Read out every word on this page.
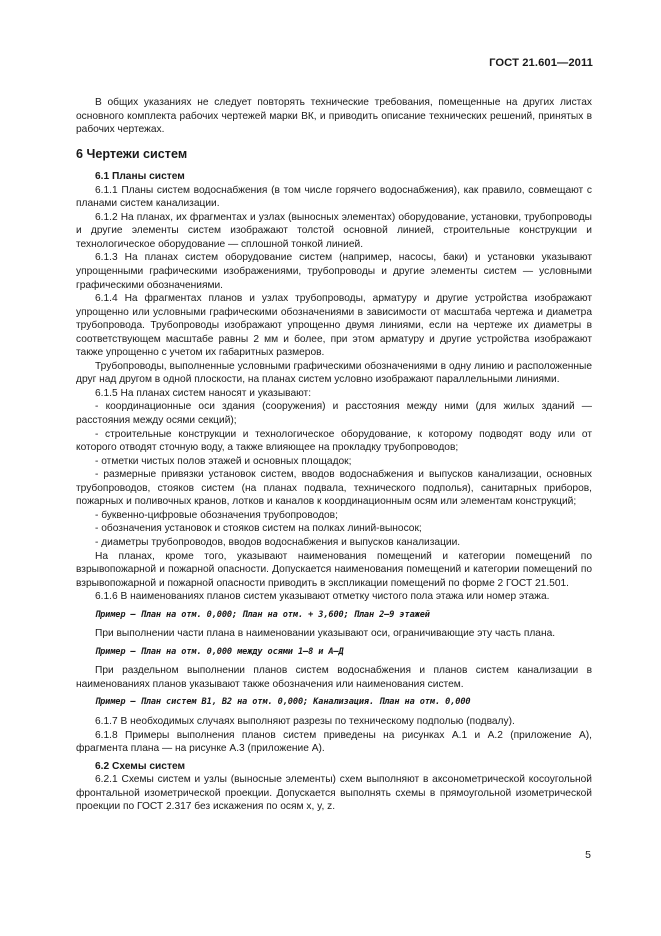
ГОСТ 21.601—2011

В общих указаниях не следует повторять технические требования, помещенные на других листах основного комплекта рабочих чертежей марки ВК, и приводить описание технических решений, принятых в рабочих чертежах.

6 Чертежи систем

6.1 Планы систем

6.1.1 Планы систем водоснабжения (в том числе горячего водоснабжения), как правило, совмещают с планами систем канализации.

6.1.2 На планах, их фрагментах и узлах (выносных элементах) оборудование, установки, трубопроводы и другие элементы систем изображают толстой основной линией, строительные конструкции и технологическое оборудование — сплошной тонкой линией.

6.1.3 На планах систем оборудование систем (например, насосы, баки) и установки указывают упрощенными графическими изображениями, трубопроводы и другие элементы систем — условными графическими обозначениями.

6.1.4 На фрагментах планов и узлах трубопроводы, арматуру и другие устройства изображают упрощенно или условными графическими обозначениями в зависимости от масштаба чертежа и диаметра трубопровода. Трубопроводы изображают упрощенно двумя линиями, если на чертеже их диаметры в соответствующем масштабе равны 2 мм и более, при этом арматуру и другие устройства изображают также упрощенно с учетом их габаритных размеров.

Трубопроводы, выполненные условными графическими обозначениями в одну линию и расположенные друг над другом в одной плоскости, на планах систем условно изображают параллельными линиями.

6.1.5 На планах систем наносят и указывают:

- координационные оси здания (сооружения) и расстояния между ними (для жилых зданий — расстояния между осями секций);

- строительные конструкции и технологическое оборудование, к которому подводят воду или от которого отводят сточную воду, а также влияющее на прокладку трубопроводов;

- отметки чистых полов этажей и основных площадок;

- размерные привязки установок систем, вводов водоснабжения и выпусков канализации, основных трубопроводов, стояков систем (на планах подвала, технического подполья), санитарных приборов, пожарных и поливочных кранов, лотков и каналов к координационным осям или элементам конструкций;

- буквенно-цифровые обозначения трубопроводов;

- обозначения установок и стояков систем на полках линий-выносок;

- диаметры трубопроводов, вводов водоснабжения и выпусков канализации.

На планах, кроме того, указывают наименования помещений и категории помещений по взрывопожарной и пожарной опасности. Допускается наименования помещений и категории помещений по взрывопожарной и пожарной опасности приводить в экспликации помещений по форме 2 ГОСТ 21.501.

6.1.6 В наименованиях планов систем указывают отметку чистого пола этажа или номер этажа.

Пример — План на отм. 0,000; План на отм. + 3,600; План 2—9 этажей

При выполнении части плана в наименовании указывают оси, ограничивающие эту часть плана.

Пример — План на отм. 0,000 между осями 1—8 и А—Д

При раздельном выполнении планов систем водоснабжения и планов систем канализации в наименованиях планов указывают также обозначения или наименования систем.

Пример — План систем В1, В2 на отм. 0,000; Канализация. План на отм. 0,000

6.1.7 В необходимых случаях выполняют разрезы по техническому подполью (подвалу).

6.1.8 Примеры выполнения планов систем приведены на рисунках А.1 и А.2 (приложение А), фрагмента плана — на рисунке А.3 (приложение А).

6.2 Схемы систем

6.2.1 Схемы систем и узлы (выносные элементы) схем выполняют в аксонометрической косоугольной фронтальной изометрической проекции. Допускается выполнять схемы в прямоугольной изометрической проекции по ГОСТ 2.317 без искажения по осям x, y, z.

5
